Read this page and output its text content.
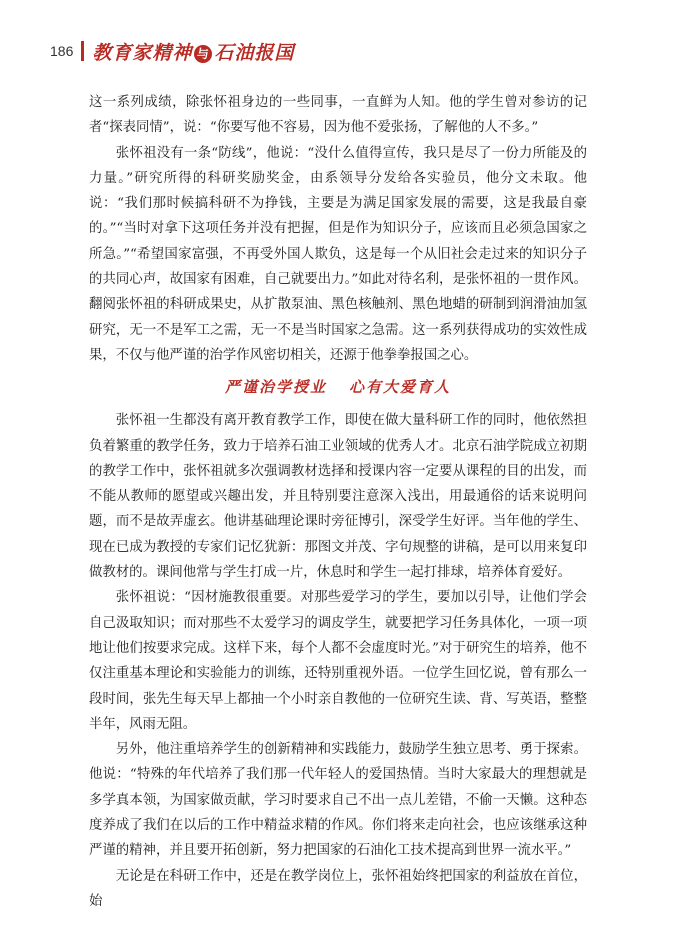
186 教育家精神 与 石油报国

这一系列成绩，除张怀祖身边的一些同事，一直鲜为人知。他的学生曾对参访的记者“探表同情”，说：“你要写他不容易，因为他不爱张扬，了解他的人不多。”

张怀祖没有一条“防线”，他说：“没什么值得宣传，我只是尽了一份力所能及的力量。”研究所得的科研奖励奖金，由系领导分发给各实验员，他分文未取。他说：“我们那时候搞科研不为挣钱，主要是为满足国家发展的需要，这是我最自豪的。”“当时对拿下这项任务并没有把握，但是作为知识分子，应该而且必须急国家之所急。”“希望国家富强，不再受外国人欺负，这是每一个从旧社会走过来的知识分子的共同心声，故国家有困难，自己就要出力。”如此对待名利，是张怀祖的一贯作风。翻阅张怀祖的科研成果史，从扩散泵油、黑色核触剂、黑色地蜡的研制到润滑油加氢研究，无一不是军工之需，无一不是当时国家之急需。这一系列获得成功的实效性成果，不仅与他严谨的治学作风密切相关，还源于他拳拳报国之心。

严谨治学授业 心有大爱育人

张怀祖一生都没有离开教育教学工作，即使在做大量科研工作的同时，他依然担负着繁重的教学任务，致力于培养石油工业领域的优秀人才。北京石油学院成立初期的教学工作中，张怀祖就多次强调教材选择和授课内容一定要从课程的目的出发，而不能从教师的愿望或兴趣出发，并且特别要注意深入浅出，用最通俗的话来说明问题，而不是故弄虚玄。他讲基础理论课时旁征博引，深受学生好评。当年他的学生、现在已成为教授的专家们记忆犹新：那图文并茂、字句规整的讲稿，是可以用来复印做教材的。课间他常与学生打成一片，休息时和学生一起打排球，培养体育爱好。

张怀祖说：“因材施教很重要。对那些爱学习的学生，要加以引导，让他们学会自己汲取知识；而对那些不太爱学习的调皮学生，就要把学习任务具体化，一项一项地让他们按要求完成。这样下来，每个人都不会虚度时光。”对于研究生的培养，他不仅注重基本理论和实验能力的训练，还特别重视外语。一位学生回忆说，曾有那么一段时间，张先生每天早上都抽一个小时亲自教他的一位研究生读、背、写英语，整整半年，风雨无阻。

另外，他注重培养学生的创新精神和实践能力，鼓励学生独立思考、勇于探索。他说：“特殊的年代培养了我们那一代年轻人的爱国热情。当时大家最大的理想就是多学真本领，为国家做贡献，学习时要求自己不出一点儿差错，不偷一天懒。这种态度养成了我们在以后的工作中精益求精的作风。你们将来走向社会，也应该继承这种严谨的精神，并且要开拓创新，努力把国家的石油化工技术提高到世界一流水平。”

无论是在科研工作中，还是在教学岗位上，张怀祖始终把国家的利益放在首位，始
